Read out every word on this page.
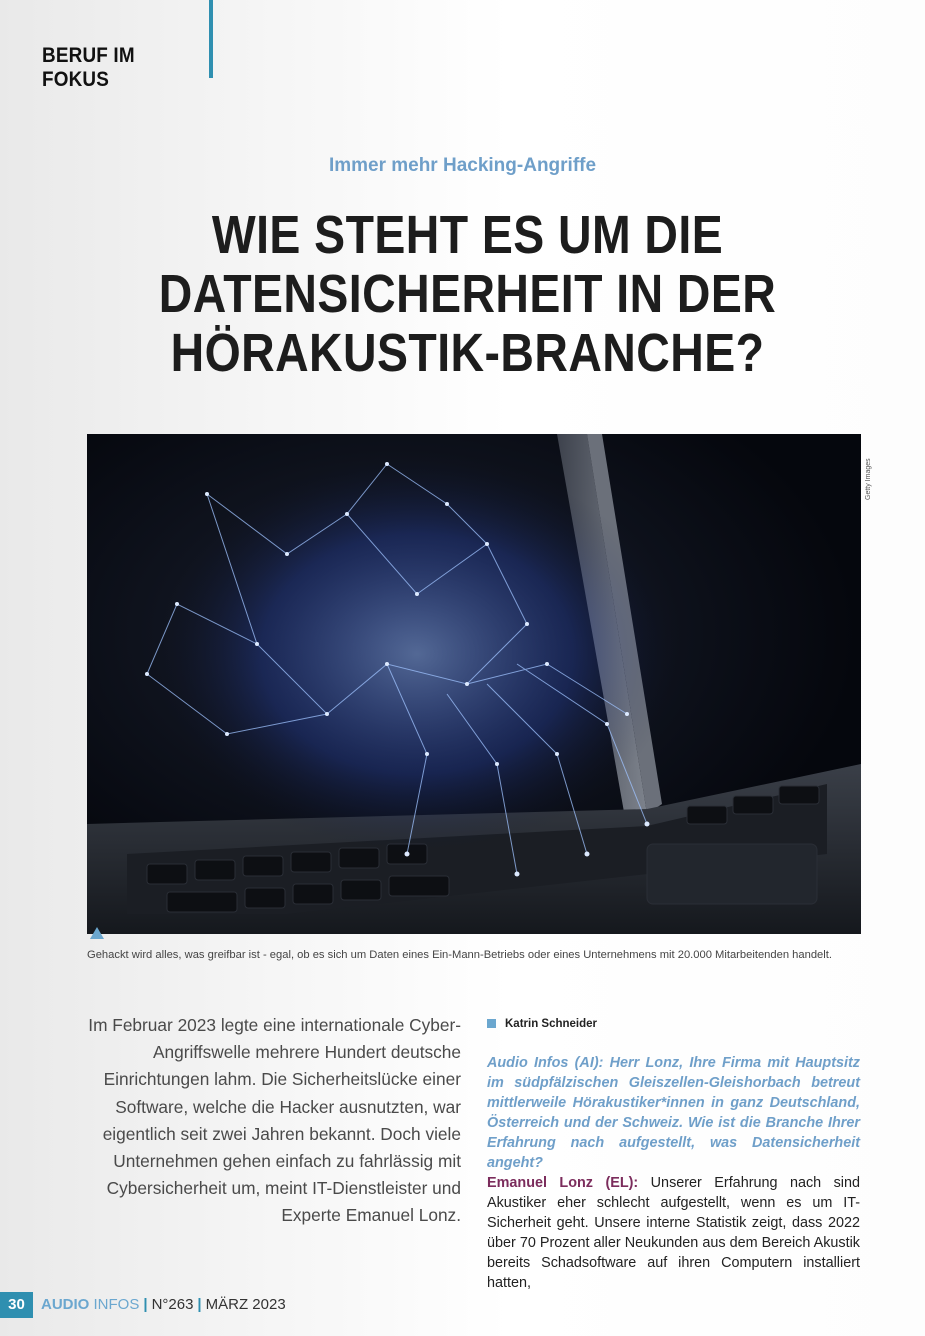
BERUF IM FOKUS
Immer mehr Hacking-Angriffe
WIE STEHT ES UM DIE
DATENSICHERHEIT IN DER
HÖRAKUSTIK-BRANCHE?
Getty Images
Gehackt wird alles, was greifbar ist - egal, ob es sich um Daten eines Ein-Mann-Betriebs oder eines Unternehmens mit 20.000 Mitarbeitenden handelt.
Im Februar 2023 legte eine internationale Cyber-Angriffswelle mehrere Hundert deutsche Einrichtungen lahm. Die Sicherheitslücke einer Software, welche die Hacker ausnutzten, war eigentlich seit zwei Jahren bekannt. Doch viele Unternehmen gehen einfach zu fahrlässig mit Cybersicherheit um, meint IT-Dienstleister und Experte Emanuel Lonz.
Katrin Schneider
Audio Infos (AI): Herr Lonz, Ihre Firma mit Hauptsitz im südpfälzischen Gleiszellen-Gleishorbach betreut mittlerweile Hörakustiker*innen in ganz Deutschland, Österreich und der Schweiz. Wie ist die Branche Ihrer Erfahrung nach aufgestellt, was Datensicherheit angeht?
Emanuel Lonz (EL): Unserer Erfahrung nach sind Akustiker eher schlecht aufgestellt, wenn es um IT-Sicherheit geht. Unsere interne Statistik zeigt, dass 2022 über 70 Prozent aller Neukunden aus dem Bereich Akustik bereits Schadsoftware auf ihren Computern installiert hatten,
30	AUDIO INFOS | N°263 | MÄRZ 2023
